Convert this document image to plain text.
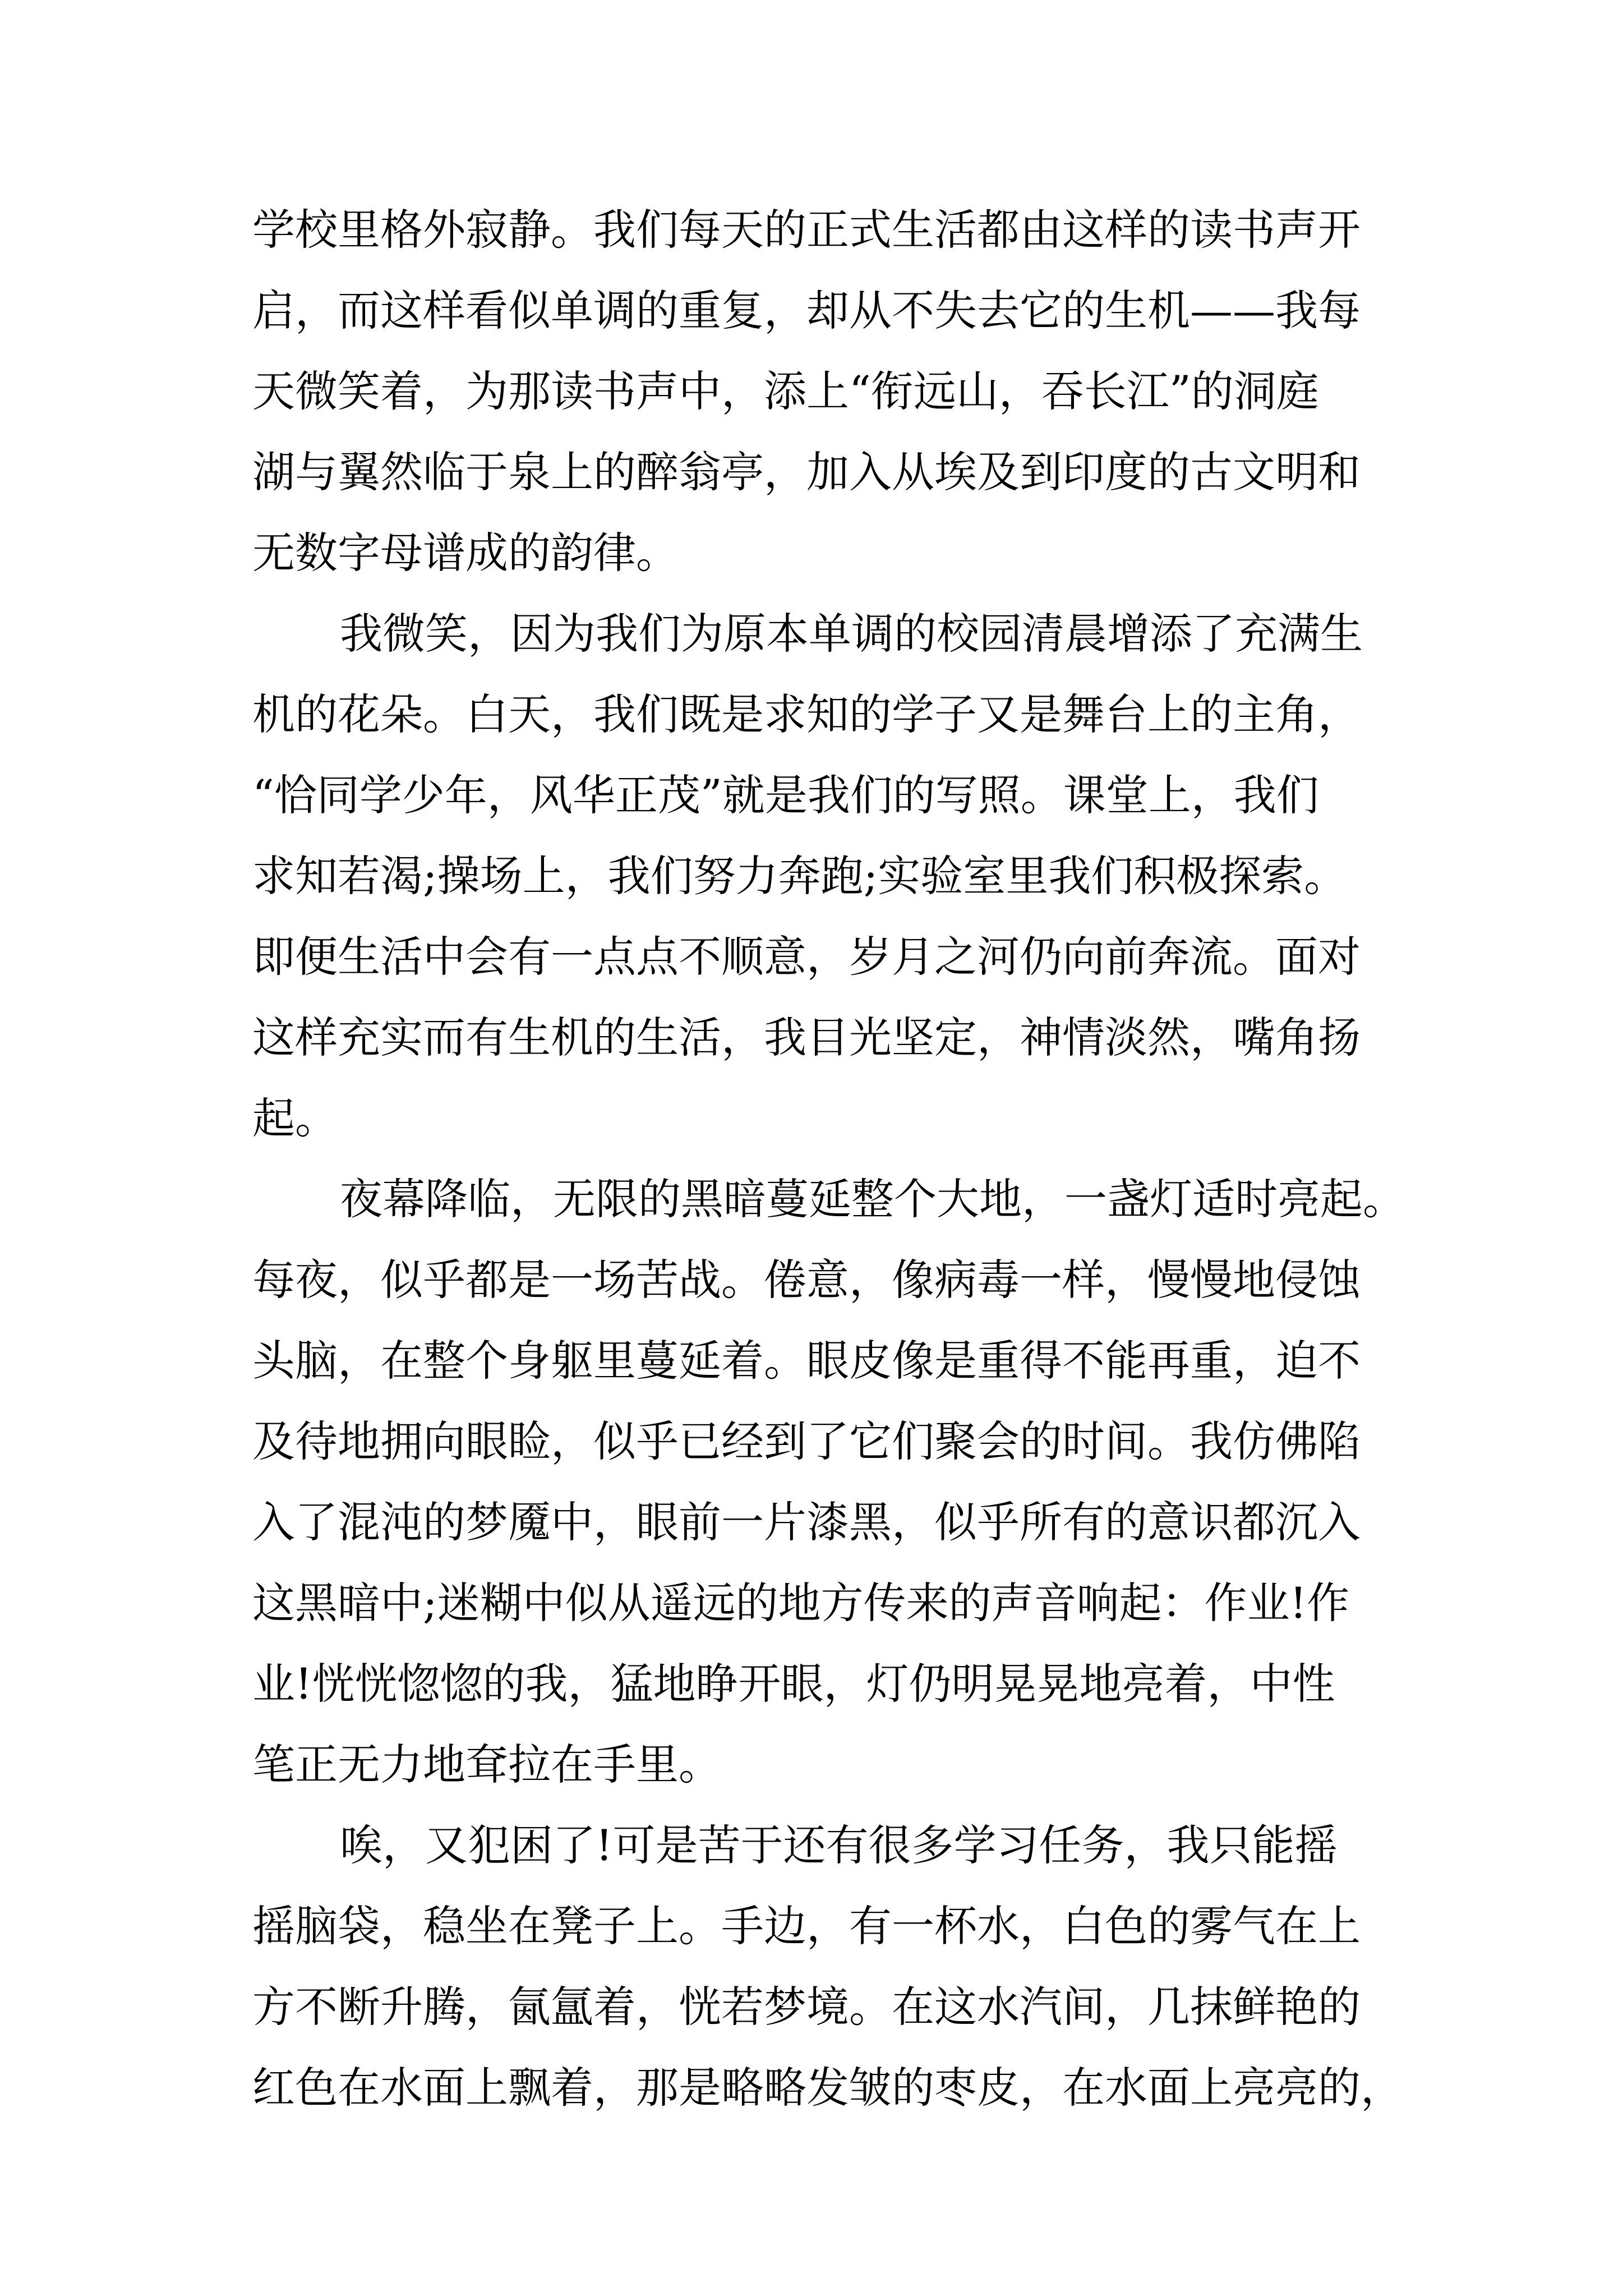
学校里格外寂静。我们每天的正式生活都由这样的读书声开
启，而这样看似单调的重复，却从不失去它的生机——我每
天微笑着，为那读书声中，添上“衔远山，吞长江”的洞庭
湖与翼然临于泉上的醉翁亭，加入从埃及到印度的古文明和
无数字母谱成的韵律。
我微笑，因为我们为原本单调的校园清晨增添了充满生
机的花朵。白天，我们既是求知的学子又是舞台上的主角，
“恰同学少年，风华正茂”就是我们的写照。课堂上，我们
求知若渴;操场上，我们努力奔跑;实验室里我们积极探索。
即便生活中会有一点点不顺意，岁月之河仍向前奔流。面对
这样充实而有生机的生活，我目光坚定，神情淡然，嘴角扬
起。
夜幕降临，无限的黑暗蔓延整个大地，一盏灯适时亮起。
每夜，似乎都是一场苦战。倦意，像病毒一样，慢慢地侵蚀
头脑，在整个身躯里蔓延着。眼皮像是重得不能再重，迫不
及待地拥向眼睑，似乎已经到了它们聚会的时间。我仿佛陷
入了混沌的梦魇中，眼前一片漆黑，似乎所有的意识都沉入
这黑暗中;迷糊中似从遥远的地方传来的声音响起：作业!作
业!恍恍惚惚的我，猛地睁开眼，灯仍明晃晃地亮着，中性
笔正无力地耷拉在手里。
唉，又犯困了!可是苦于还有很多学习任务，我只能摇
摇脑袋，稳坐在凳子上。手边，有一杯水，白色的雾气在上
方不断升腾，氤氲着，恍若梦境。在这水汽间，几抹鲜艳的
红色在水面上飘着，那是略略发皱的枣皮，在水面上亮亮的，
